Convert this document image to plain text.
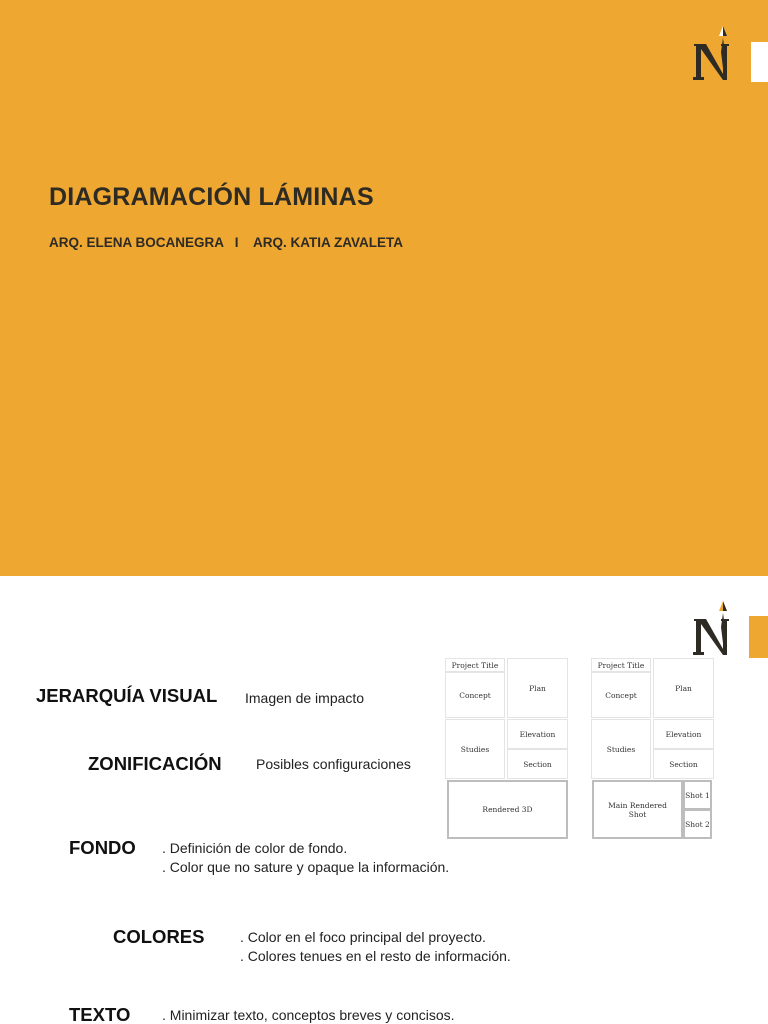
DIAGRAMACIÓN LÁMINAS
ARQ. ELENA BOCANEGRA   I    ARQ. KATIA ZAVALETA
JERARQUÍA VISUAL Imagen de impacto
ZONIFICACIÓN Posibles configuraciones
FONDO . Definición de color de fondo.
. Color que no sature y opaque la información.
COLORES	. Color en el foco principal del proyecto.
. Colores tenues en el resto de información.
TEXTO . Minimizar texto, conceptos breves y concisos.
Project Title
Concept
Plan
Studies
Elevation
Section
Rendered 3D
Project Title
Concept
Plan
Studies
Elevation
Section
Main Rendered Shot
Shot 1
Shot 2
